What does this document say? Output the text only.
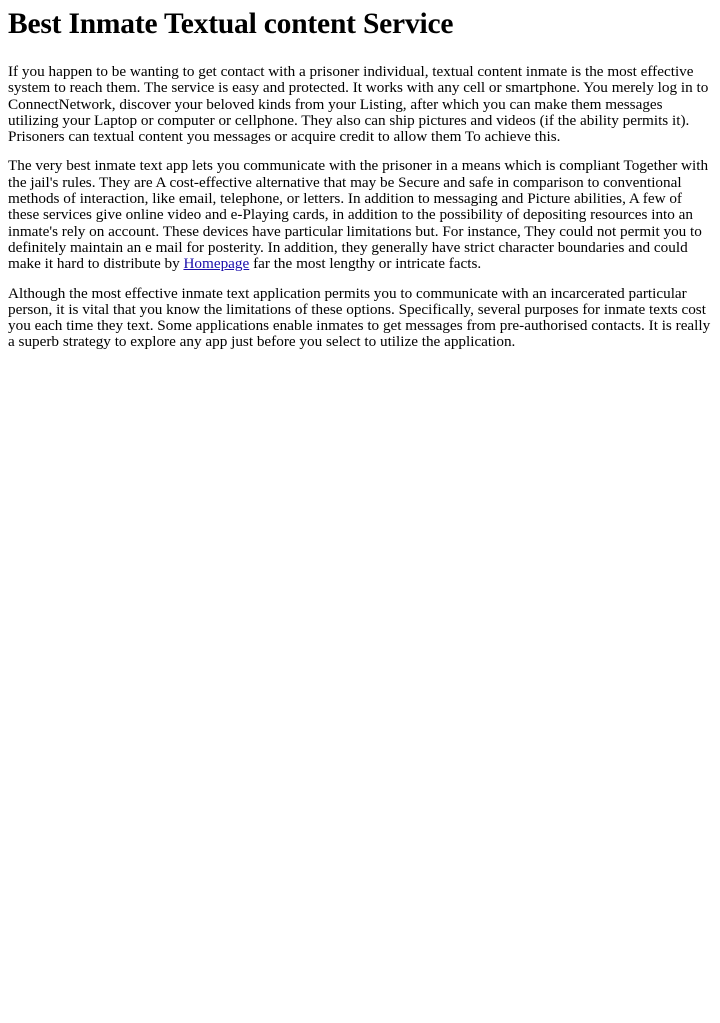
Best Inmate Textual content Service

If you happen to be wanting to get contact with a prisoner individual, textual content inmate is the most effective system to reach them. The service is easy and protected. It works with any cell or smartphone. You merely log in to ConnectNetwork, discover your beloved kinds from your Listing, after which you can make them messages utilizing your Laptop or computer or cellphone. They also can ship pictures and videos (if the ability permits it). Prisoners can textual content you messages or acquire credit to allow them To achieve this.

The very best inmate text app lets you communicate with the prisoner in a means which is compliant Together with the jail's rules. They are A cost-effective alternative that may be Secure and safe in comparison to conventional methods of interaction, like email, telephone, or letters. In addition to messaging and Picture abilities, A few of these services give online video and e-Playing cards, in addition to the possibility of depositing resources into an inmate's rely on account. These devices have particular limitations but. For instance, They could not permit you to definitely maintain an e mail for posterity. In addition, they generally have strict character boundaries and could make it hard to distribute by Homepage far the most lengthy or intricate facts.

Although the most effective inmate text application permits you to communicate with an incarcerated particular person, it is vital that you know the limitations of these options. Specifically, several purposes for inmate texts cost you each time they text. Some applications enable inmates to get messages from pre-authorised contacts. It is really a superb strategy to explore any app just before you select to utilize the application.
